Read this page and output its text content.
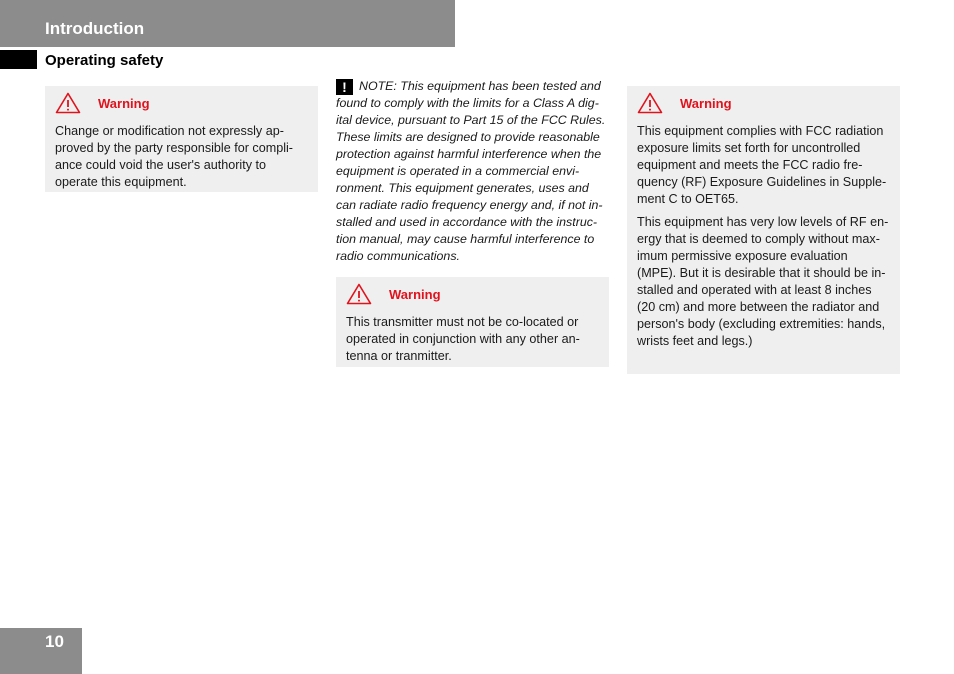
Introduction
Operating safety
Warning

Change or modification not expressly ap-proved by the party responsible for compli-ance could void the user's authority to operate this equipment.

! NOTE: This equipment has been tested and found to comply with the limits for a Class A dig-ital device, pursuant to Part 15 of the FCC Rules. These limits are designed to provide reasonable protection against harmful interference when the equipment is operated in a commercial envi-ronment. This equipment generates, uses and can radiate radio frequency energy and, if not in-stalled and used in accordance with the instruc-tion manual, may cause harmful interference to radio communications.
Warning

This transmitter must not be co-located or operated in conjunction with any other an-tenna or tranmitter.

Warning

This equipment complies with FCC radiation exposure limits set forth for uncontrolled equipment and meets the FCC radio fre-quency (RF) Exposure Guidelines in Supple-ment C to OET65.

This equipment has very low levels of RF en-ergy that is deemed to comply without max-imum permissive exposure evaluation (MPE). But it is desirable that it should be in-stalled and operated with at least 8 inches (20 cm) and more between the radiator and person's body (excluding extremities: hands, wrists feet and legs.)

10
